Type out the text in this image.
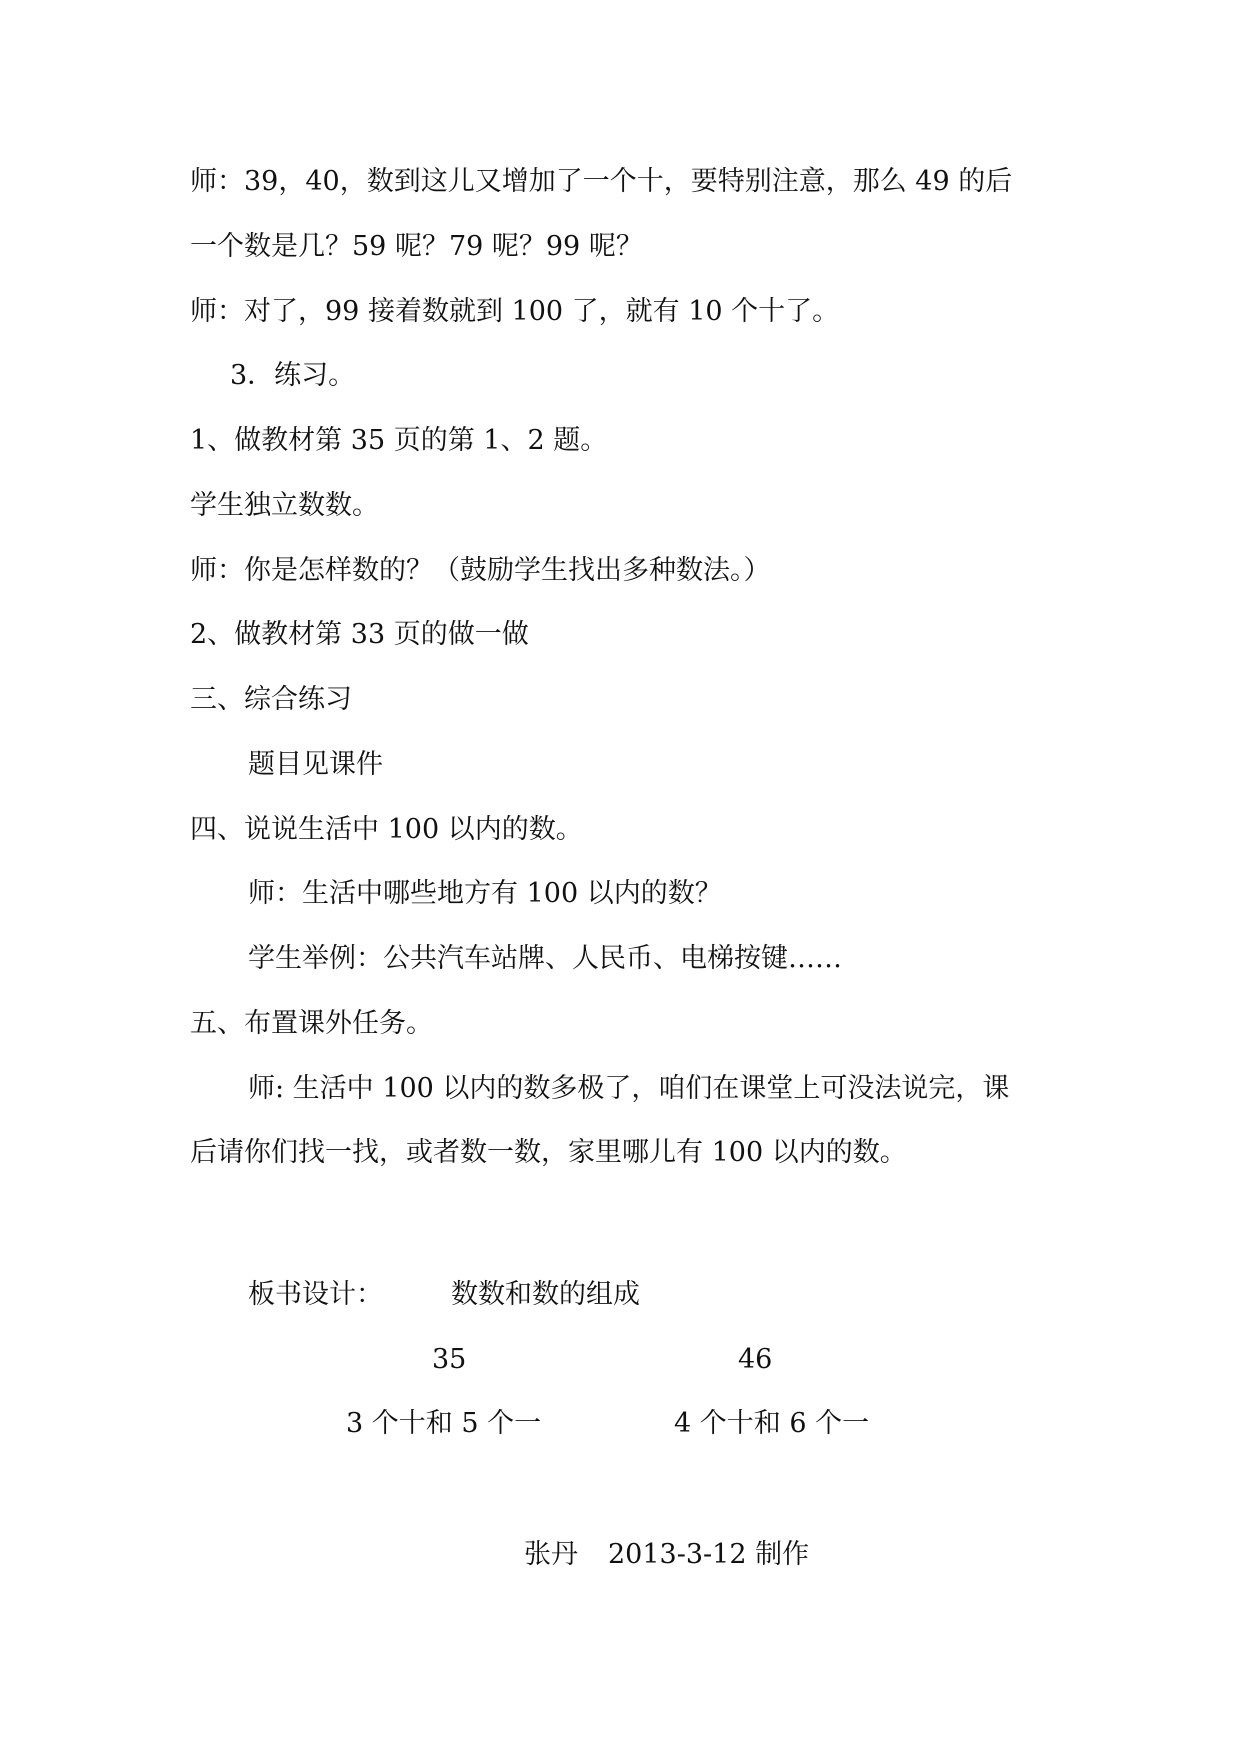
师：39，40，数到这儿又增加了一个十，要特别注意，那么 49 的后
一个数是几？59 呢？79 呢？99 呢？
师：对了，99 接着数就到 100 了，就有 10 个十了。
3．练习。
1、做教材第 35 页的第 1、2 题。
学生独立数数。
师：你是怎样数的？（鼓励学生找出多种数法。）
2、做教材第 33 页的做一做
三、综合练习
题目见课件
四、说说生活中 100 以内的数。
师：生活中哪些地方有 100 以内的数？
学生举例：公共汽车站牌、人民币、电梯按键……
五、布置课外任务。
师: 生活中 100 以内的数多极了，咱们在课堂上可没法说完，课
后请你们找一找，或者数一数，家里哪儿有 100 以内的数。
板书设计：	数数和数的组成
35	46
3 个十和 5 个一	4 个十和 6 个一
张丹 2013-3-12 制作
